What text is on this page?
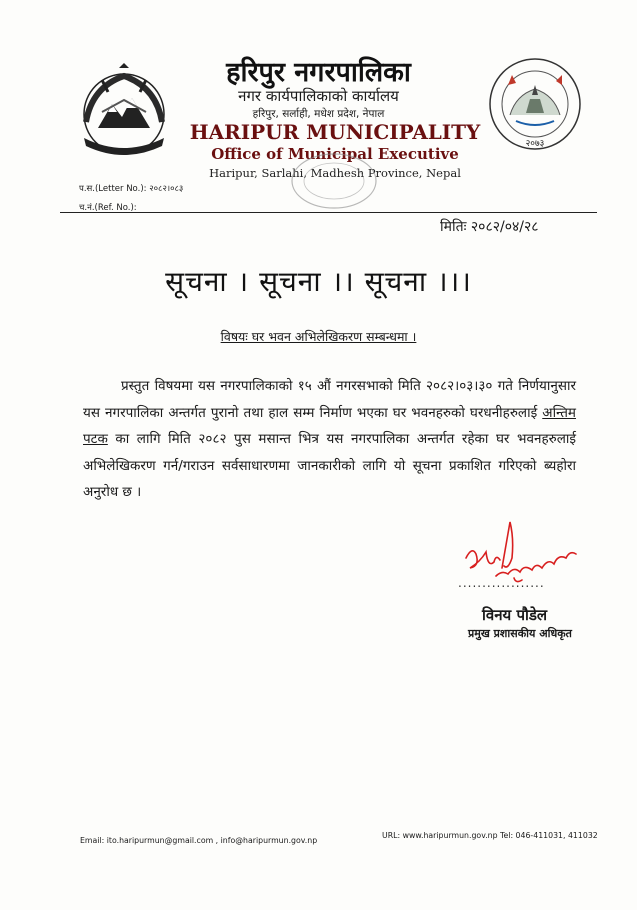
२०७३
हरिपुर नगरपालिका
नगर कार्यपालिकाको कार्यालय
हरिपुर, सर्लाही, मधेश प्रदेश, नेपाल
HARIPUR MUNICIPALITY
Office of Municipal Executive
Haripur, Sarlahi, Madhesh Province, Nepal
प.स.(Letter No.): २०८२।०८३
च.नं.(Ref. No.):
मितिः २०८२/०४/२८
सूचना । सूचना ।। सूचना ।।।
विषयः घर भवन अभिलेखिकरण सम्बन्धमा ।
प्रस्तुत विषयमा यस नगरपालिकाको १५ औं नगरसभाको मिति २०८२।०३।३० गते निर्णयानुसार यस नगरपालिका अन्तर्गत पुरानो तथा हाल सम्म निर्माण भएका घर भवनहरुको घरधनीहरुलाई अन्तिम पटक का लागि मिति २०८२ पुस मसान्त भित्र यस नगरपालिका अन्तर्गत रहेका घर भवनहरुलाई अभिलेखिकरण गर्न/गराउन सर्वसाधारणमा जानकारीको लागि यो सूचना प्रकाशित गरिएको ब्यहोरा अनुरोध छ ।
..................
विनय पौडेल
प्रमुख प्रशासकीय अधिकृत
Email: ito.haripurmun@gmail.com , info@haripurmun.gov.np
URL: www.haripurmun.gov.np Tel: 046-411031, 411032
